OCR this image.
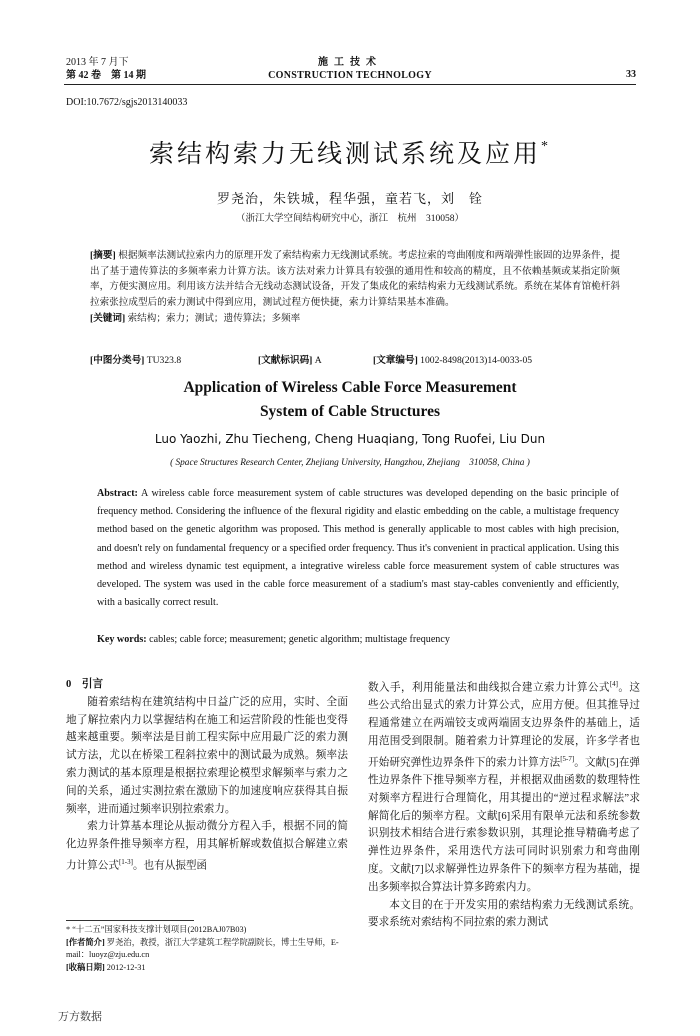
2013 年 7 月下
第 42 卷　第 14 期
施工技术
CONSTRUCTION TECHNOLOGY	33
DOI:10.7672/sgjs2013140033
索结构索力无线测试系统及应用*
罗尧治，朱铁城，程华强，童若飞，刘　铨
（浙江大学空间结构研究中心，浙江　杭州　310058）
[摘要] 根据频率法测试拉索内力的原理开发了索结构索力无线测试系统。考虑拉索的弯曲刚度和两端弹性嵌固的边界条件，提出了基于遗传算法的多频率索力计算方法。该方法对索力计算具有较强的通用性和较高的精度，且不依赖基频或某指定阶频率，方便实测应用。利用该方法并结合无线动态测试设备，开发了集成化的索结构索力无线测试系统。系统在某体育馆桅杆斜拉索张拉成型后的索力测试中得到应用，测试过程方便快捷，索力计算结果基本准确。
[关键词] 索结构；索力；测试；遗传算法；多频率
[中图分类号] TU323.8	[文献标识码] A	[文章编号] 1002-8498(2013)14-0033-05
Application of Wireless Cable Force Measurement
System of Cable Structures
Luo Yaozhi, Zhu Tiecheng, Cheng Huaqiang, Tong Ruofei, Liu Dun
( Space Structures Research Center, Zhejiang University, Hangzhou, Zhejiang　310058, China )
Abstract: A wireless cable force measurement system of cable structures was developed depending on the basic principle of frequency method. Considering the influence of the flexural rigidity and elastic embedding on the cable, a multistage frequency method based on the genetic algorithm was proposed. This method is generally applicable to most cables with high precision, and doesn't rely on fundamental frequency or a specified order frequency. Thus it's convenient in practical application. Using this method and wireless dynamic test equipment, a integrative wireless cable force measurement system of cable structures was developed. The system was used in the cable force measurement of a stadium's mast stay-cables conveniently and efficiently, with a basically correct result.
Key words: cables; cable force; measurement; genetic algorithm; multistage frequency

0　引言

随着索结构在建筑结构中日益广泛的应用，实时、全面地了解拉索内力以掌握结构在施工和运营阶段的性能也变得越来越重要。频率法是目前工程实际中应用最广泛的索力测试方法，尤以在桥梁工程斜拉索中的测试最为成熟。频率法索力测试的基本原理是根据拉索理论模型求解频率与索力之间的关系，通过实测拉索在激励下的加速度响应获得其自振频率，进而通过频率识别拉索索力。

索力计算基本理论从振动微分方程入手，根据不同的简化边界条件推导频率方程，用其解析解或数值拟合解建立索力计算公式[1-3]。也有从振型函

数入手，利用能量法和曲线拟合建立索力计算公式[4]。这些公式给出显式的索力计算公式，应用方便。但其推导过程通常建立在两端铰支或两端固支边界条件的基础上，适用范围受到限制。随着索力计算理论的发展，许多学者也开始研究弹性边界条件下的索力计算方法[5-7]。文献[5]在弹性边界条件下推导频率方程，并根据双曲函数的数理特性对频率方程进行合理简化，用其提出的“逆过程求解法”求解简化后的频率方程。文献[6]采用有限单元法和系统参数识别技术相结合进行索参数识别，其理论推导精确考虑了弹性边界条件，采用迭代方法可同时识别索力和弯曲刚度。文献[7]以求解弹性边界条件下的频率方程为基础，提出多频率拟合算法计算多跨索内力。

本文目的在于开发实用的索结构索力无线测试系统。要求系统对索结构不同拉索的索力测试

* “十二五”国家科技支撑计划项目(2012BAJ07B03)
[作者简介] 罗尧治，教授，浙江大学建筑工程学院副院长，博士生导师，E-mail：luoyz@zju.edu.cn
[收稿日期] 2012-12-31
万方数据
